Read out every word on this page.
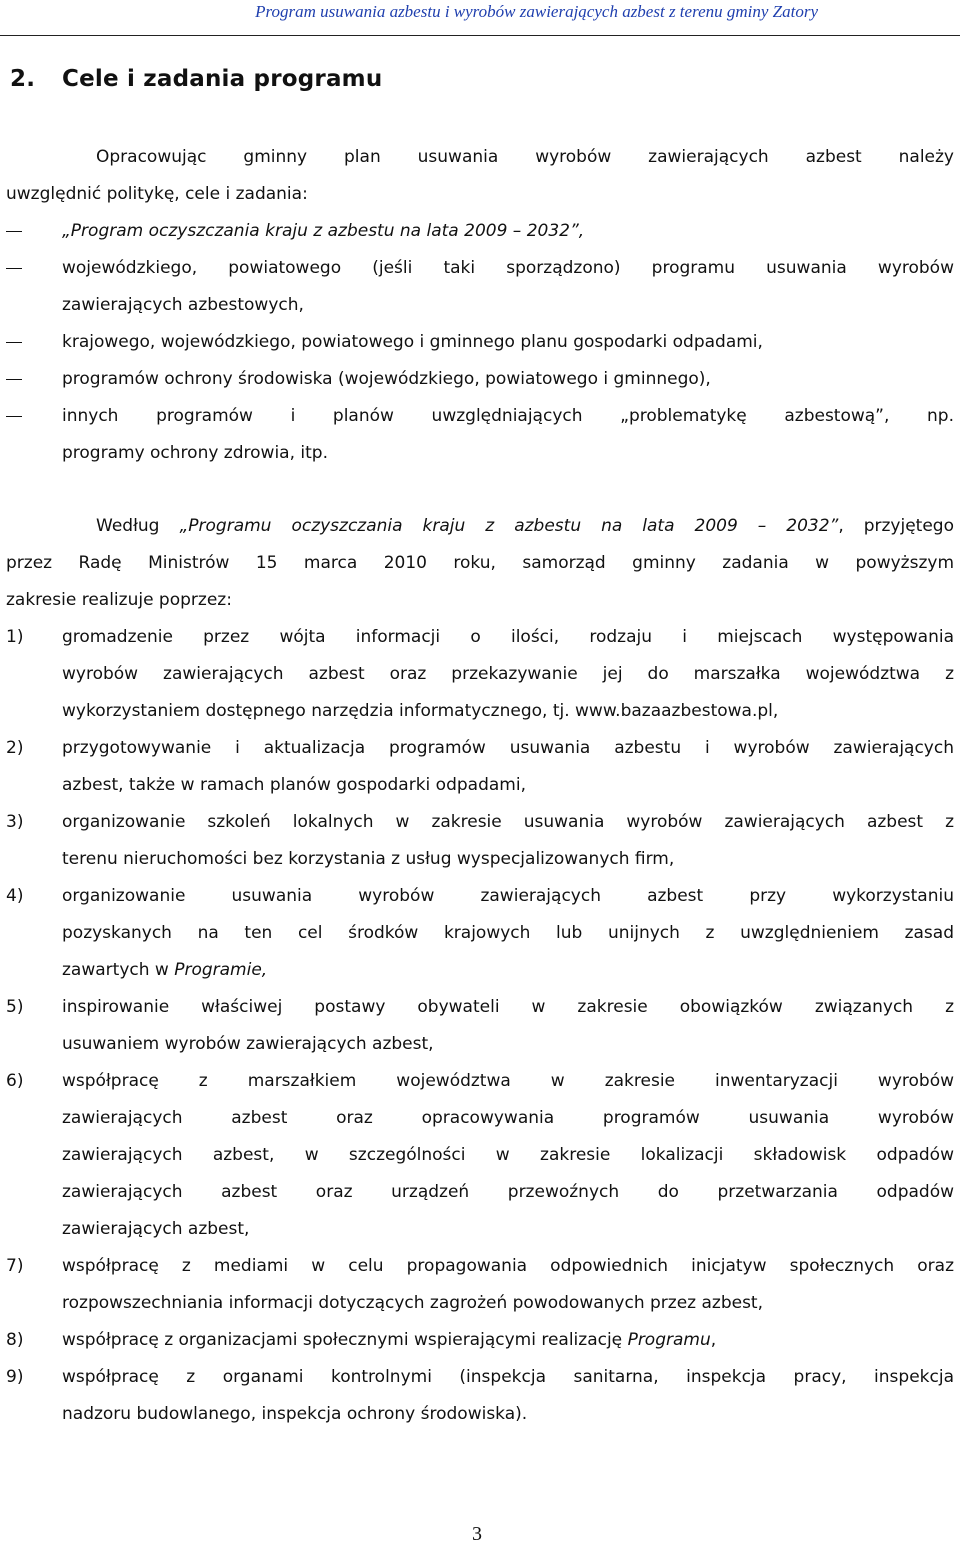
Program usuwania azbestu i wyrobów zawierających azbest z terenu gminy Zatory
2. Cele i zadania programu
Opracowując gminny plan usuwania wyrobów zawierających azbest należy
uwzględnić politykę, cele i zadania:
„Program oczyszczania kraju z azbestu na lata 2009 – 2032”,
wojewódzkiego, powiatowego (jeśli taki sporządzono) programu usuwania wyrobów
zawierających azbestowych,
krajowego, wojewódzkiego, powiatowego i gminnego planu gospodarki odpadami,
programów ochrony środowiska (wojewódzkiego, powiatowego i gminnego),
innych programów i planów uwzględniających „problematykę azbestową”, np.
programy ochrony zdrowia, itp.
Według „Programu oczyszczania kraju z azbestu na lata 2009 – 2032”, przyjętego
przez Radę Ministrów 15 marca 2010 roku, samorząd gminny zadania w powyższym
zakresie realizuje poprzez:
1) gromadzenie przez wójta informacji o ilości, rodzaju i miejscach występowania
wyrobów zawierających azbest oraz przekazywanie jej do marszałka województwa z
wykorzystaniem dostępnego narzędzia informatycznego, tj. www.bazaazbestowa.pl,
2) przygotowywanie i aktualizacja programów usuwania azbestu i wyrobów zawierających
azbest, także w ramach planów gospodarki odpadami,
3) organizowanie szkoleń lokalnych w zakresie usuwania wyrobów zawierających azbest z
terenu nieruchomości bez korzystania z usług wyspecjalizowanych firm,
4) organizowanie usuwania wyrobów zawierających azbest przy wykorzystaniu
pozyskanych na ten cel środków krajowych lub unijnych z uwzględnieniem zasad
zawartych w Programie,
5) inspirowanie właściwej postawy obywateli w zakresie obowiązków związanych z
usuwaniem wyrobów zawierających azbest,
6) współpracę z marszałkiem województwa w zakresie inwentaryzacji wyrobów
zawierających azbest oraz opracowywania programów usuwania wyrobów
zawierających azbest, w szczególności w zakresie lokalizacji składowisk odpadów
zawierających azbest oraz urządzeń przewoźnych do przetwarzania odpadów
zawierających azbest,
7) współpracę z mediami w celu propagowania odpowiednich inicjatyw społecznych oraz
rozpowszechniania informacji dotyczących zagrożeń powodowanych przez azbest,
8) współpracę z organizacjami społecznymi wspierającymi realizację Programu,
9) współpracę z organami kontrolnymi (inspekcja sanitarna, inspekcja pracy, inspekcja
nadzoru budowlanego, inspekcja ochrony środowiska).
3
